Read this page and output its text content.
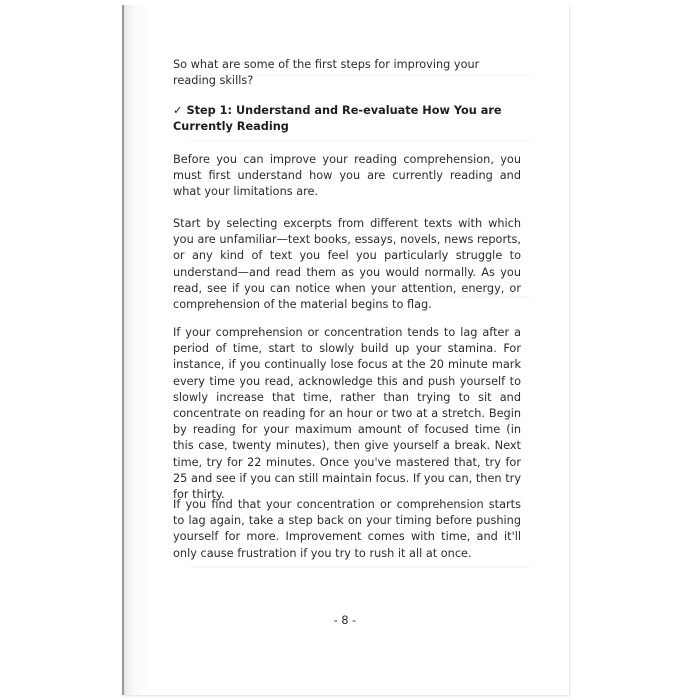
So what are some of the first steps for improving your reading skills?

✓ Step 1: Understand and Re-evaluate How You are Currently Reading

Before you can improve your reading comprehension, you must first understand how you are currently reading and what your limitations are.

Start by selecting excerpts from different texts with which you are unfamiliar—text books, essays, novels, news reports, or any kind of text you feel you particularly struggle to understand—and read them as you would normally. As you read, see if you can notice when your attention, energy, or comprehension of the material begins to flag.

If your comprehension or concentration tends to lag after a period of time, start to slowly build up your stamina. For instance, if you continually lose focus at the 20 minute mark every time you read, acknowledge this and push yourself to slowly increase that time, rather than trying to sit and concentrate on reading for an hour or two at a stretch. Begin by reading for your maximum amount of focused time (in this case, twenty minutes), then give yourself a break. Next time, try for 22 minutes. Once you've mastered that, try for 25 and see if you can still maintain focus. If you can, then try for thirty.

If you find that your concentration or comprehension starts to lag again, take a step back on your timing before pushing yourself for more. Improvement comes with time, and it'll only cause frustration if you try to rush it all at once.

- 8 -
